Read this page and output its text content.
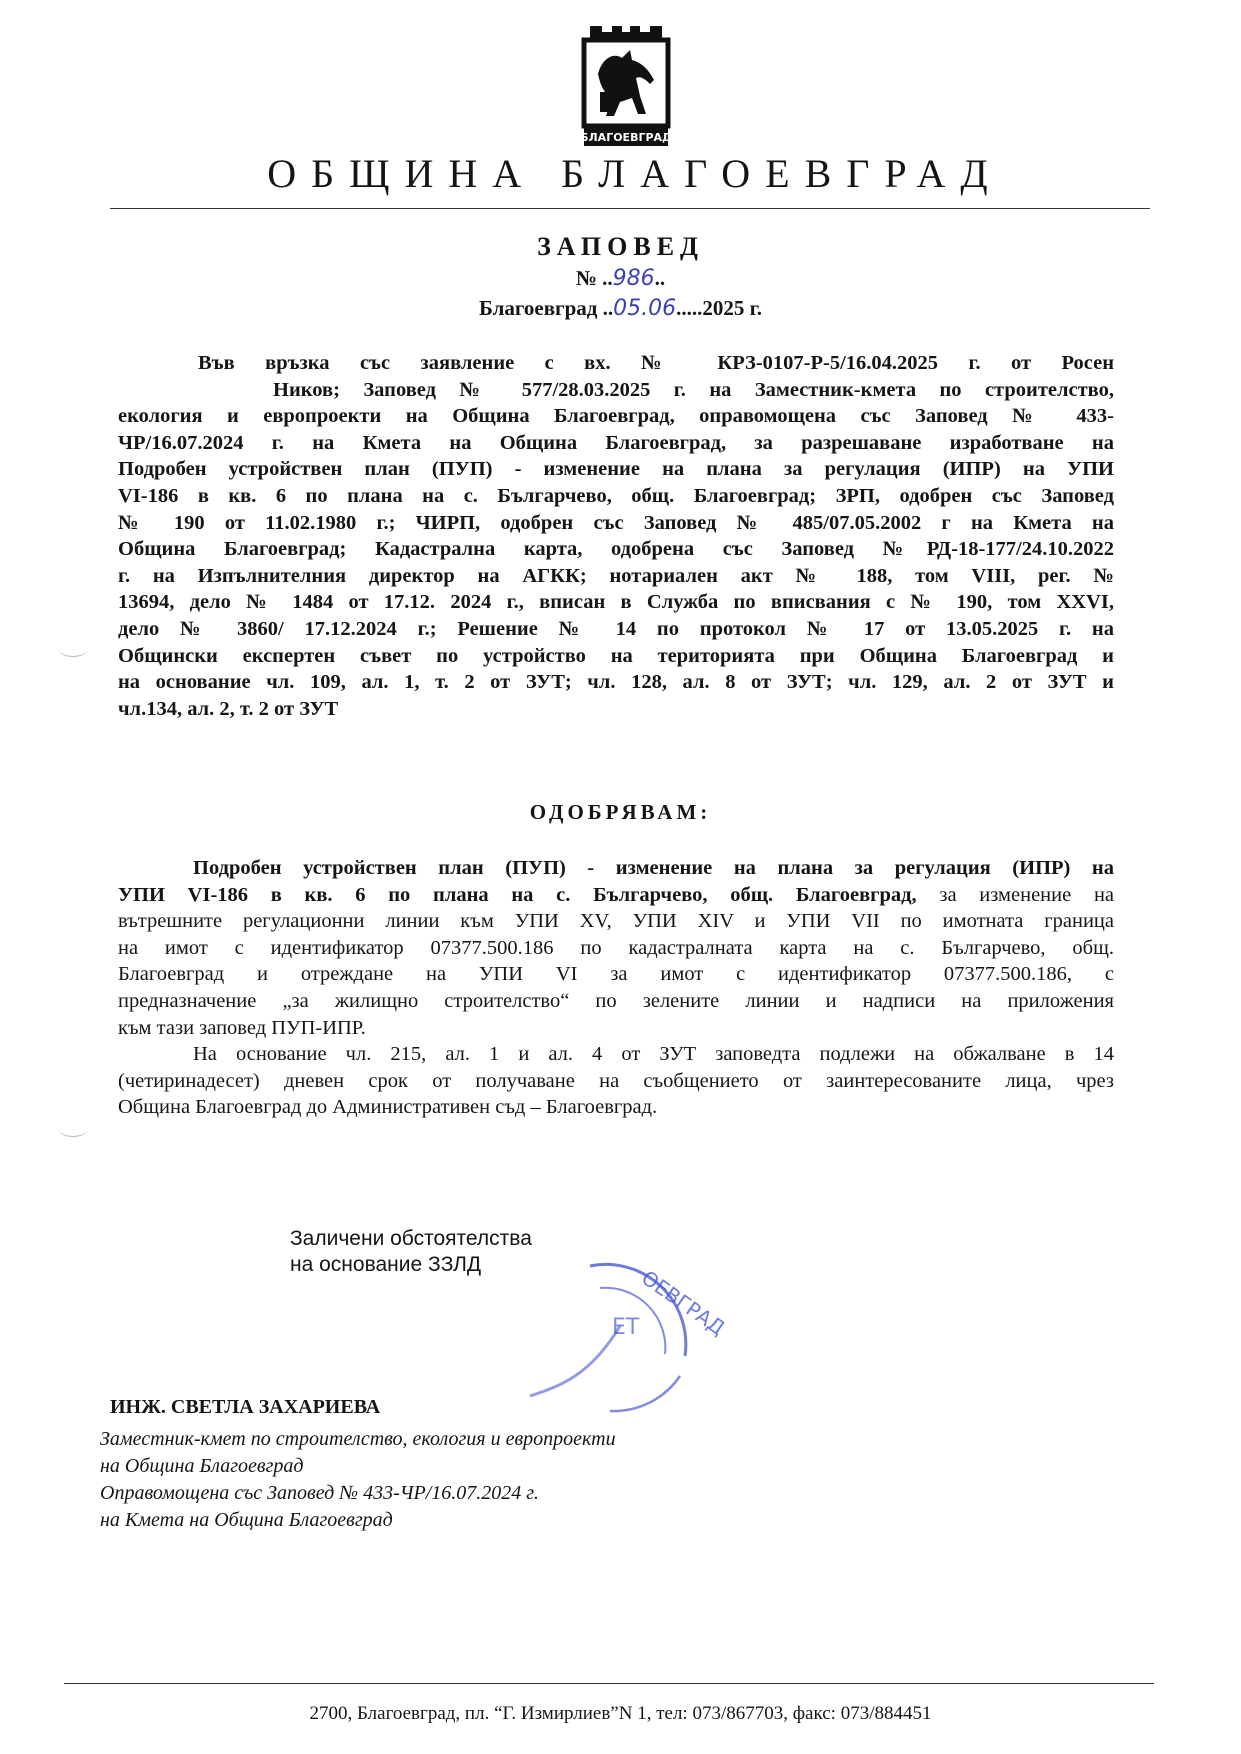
БЛАГОЕВГРАД
ОБЩИНА БЛАГОЕВГРАД
ЗАПОВЕД
№ ..986..
Благоевград ..05.06.....2025 г.
Във връзка със заявление с вх. № КРЗ-0107-Р-5/16.04.2025 г. от Росен
Ников; Заповед № 577/28.03.2025 г. на Заместник-кмета по строителство,
екология и европроекти на Община Благоевград, оправомощена със Заповед № 433-
ЧР/16.07.2024 г. на Кмета на Община Благоевград, за разрешаване изработване на
Подробен устройствен план (ПУП) - изменение на плана за регулация (ИПР) на УПИ
VI-186 в кв. 6 по плана на с. Българчево, общ. Благоевград; ЗРП, одобрен със Заповед
№ 190 от 11.02.1980 г.; ЧИРП, одобрен със Заповед № 485/07.05.2002 г на Кмета на
Община Благоевград; Кадастрална карта, одобрена със Заповед №РД-18-177/24.10.2022
г. на Изпълнителния директор на АГКК; нотариален акт № 188, том VIII, рег. №
13694, дело № 1484 от 17.12. 2024 г., вписан в Служба по вписвания с № 190, том XXVI,
дело № 3860/ 17.12.2024 г.; Решение № 14 по протокол № 17 от 13.05.2025 г. на
Общински експертен съвет по устройство на територията при Община Благоевград и
на основание чл. 109, ал. 1, т. 2 от ЗУТ; чл. 128, ал. 8 от ЗУТ; чл. 129, ал. 2 от ЗУТ и
чл.134, ал. 2, т. 2 от ЗУТ
ОДОБРЯВАМ:
Подробен устройствен план (ПУП) - изменение на плана за регулация (ИПР) на
УПИ VI-186 в кв. 6 по плана на с. Българчево, общ. Благоевград, за изменение на
вътрешните регулационни линии към УПИ XV, УПИ XIV и УПИ VII по имотната граница
на имот с идентификатор 07377.500.186 по кадастралната карта на с. Българчево, общ.
Благоевград и отреждане на УПИ VI за имот с идентификатор 07377.500.186, с
предназначение „за жилищно строителство“ по зелените линии и надписи на приложения
към тази заповед ПУП-ИПР.
На основание чл. 215, ал. 1 и ал. 4 от ЗУТ заповедта подлежи на обжалване в 14
(четиринадесет) дневен срок от получаване на съобщението от заинтересованите лица, чрез
Община Благоевград до Административен съд – Благоевград.
Заличени обстоятелства
на основание ЗЗЛД
ОЕВГРАД
ЕТ
ИНЖ. СВЕТЛА ЗАХАРИЕВА
Заместник-кмет по строителство, екология и европроекти
на Община Благоевград
Оправомощена със Заповед № 433-ЧР/16.07.2024 г.
на Кмета на Община Благоевград
2700, Благоевград, пл. “Г. Измирлиев”N 1, тел: 073/867703, факс: 073/884451
